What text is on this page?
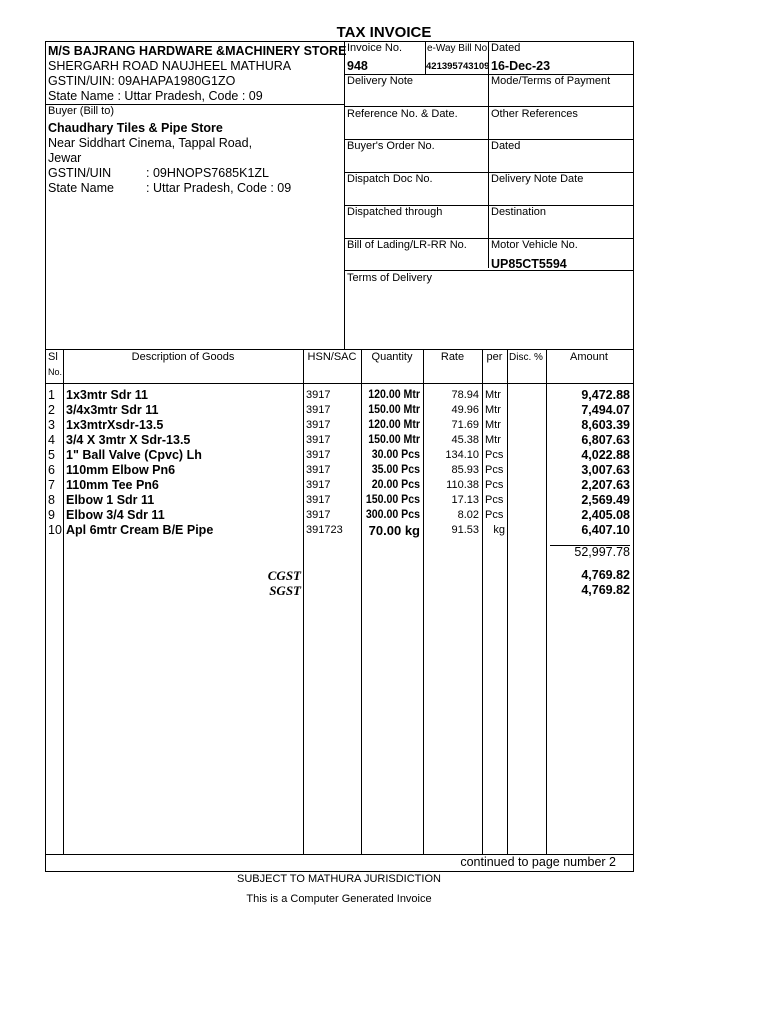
TAX INVOICE
M/S BAJRANG HARDWARE &MACHINERY STORE
SHERGARH ROAD NAUJHEEL MATHURA
GSTIN/UIN: 09AHAPA1980G1ZO
State Name : Uttar Pradesh, Code : 09
Buyer (Bill to)
Chaudhary Tiles & Pipe Store
Near Siddhart Cinema, Tappal Road,
Jewar
GSTIN/UIN	: 09HNOPS7685K1ZL
State Name	: Uttar Pradesh, Code : 09
Invoice No.
948
e-Way Bill No.
421395743109
Dated
16-Dec-23
Delivery Note	Mode/Terms of Payment
Reference No. & Date.	Other References
Buyer's Order No.	Dated
Dispatch Doc No.	Delivery Note Date
Dispatched through	Destination
Bill of Lading/LR-RR No. Motor Vehicle No.
UP85CT5594
Terms of Delivery
Sl
No.
Description of Goods	HSN/SAC	Quantity	Rate	per Disc. %	Amount
1 1x3mtr Sdr 11	3917	120.00 Mtr	78.94 Mtr	9,472.88
2 3/4x3mtr Sdr 11	3917	150.00 Mtr	49.96 Mtr	7,494.07
3 1x3mtrXsdr-13.5	3917	120.00 Mtr	71.69 Mtr	8,603.39
4 3/4 X 3mtr X Sdr-13.5	3917	150.00 Mtr	45.38 Mtr	6,807.63
5 1" Ball Valve (Cpvc) Lh	3917	30.00 Pcs	134.10 Pcs	4,022.88
6 110mm Elbow Pn6	3917	35.00 Pcs	85.93 Pcs	3,007.63
7 110mm Tee Pn6	3917	20.00 Pcs	110.38 Pcs	2,207.63
8 Elbow 1 Sdr 11	3917	150.00 Pcs	17.13 Pcs	2,569.49
9 Elbow 3/4 Sdr 11	3917	300.00 Pcs	8.02 Pcs	2,405.08
10 Apl 6mtr Cream B/E Pipe	391723	70.00 kg	91.53	kg	6,407.10
52,997.78
CGST	4,769.82
SGST	4,769.82
continued to page number 2
SUBJECT TO MATHURA JURISDICTION
This is a Computer Generated Invoice
